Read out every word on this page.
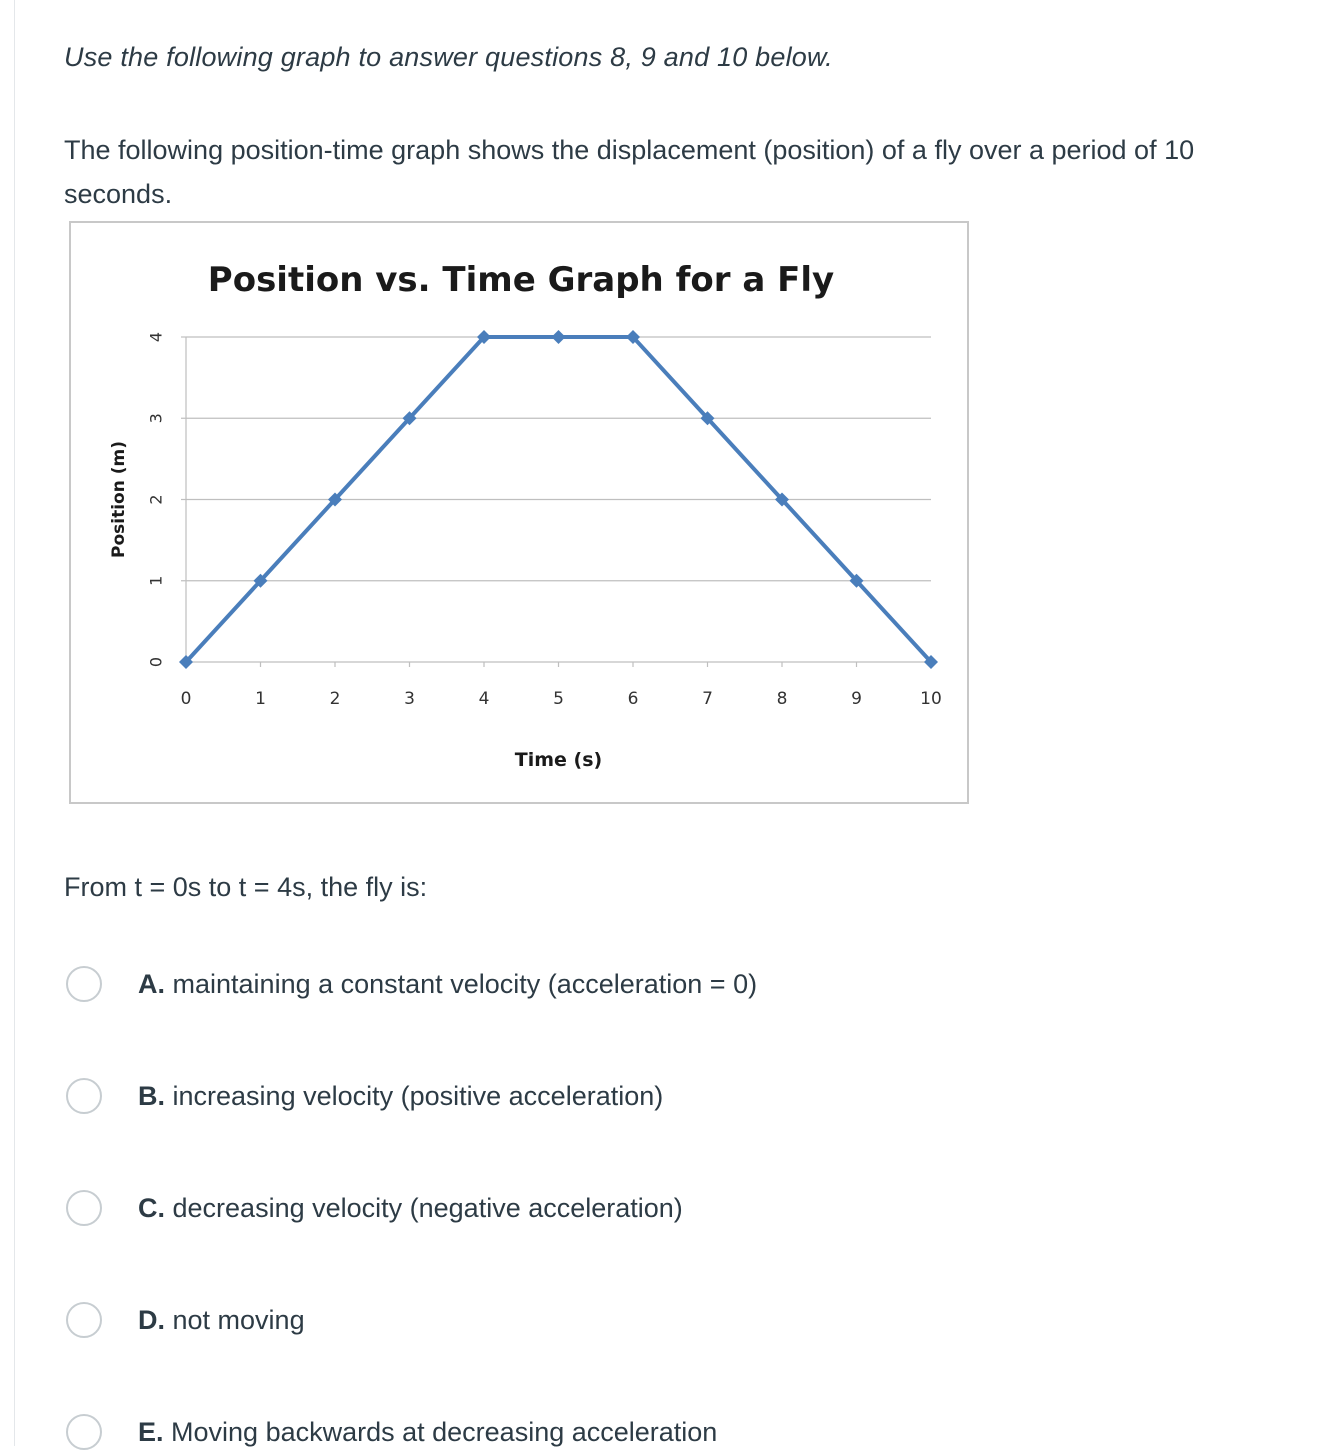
Use the following graph to answer questions 8, 9 and 10 below.
The following position-time graph shows the displacement (position) of a fly over a period of 10 seconds.
0
1
2
3
4
0	1	2	3	4	5	6	7	8	9	10
Position vs. Time Graph for a Fly
Time (s)
Position (m)
From t = 0s to t = 4s, the fly is:
A. maintaining a constant velocity (acceleration = 0)
B. increasing velocity (positive acceleration)
C. decreasing velocity (negative acceleration)
D. not moving
E. Moving backwards at decreasing acceleration
